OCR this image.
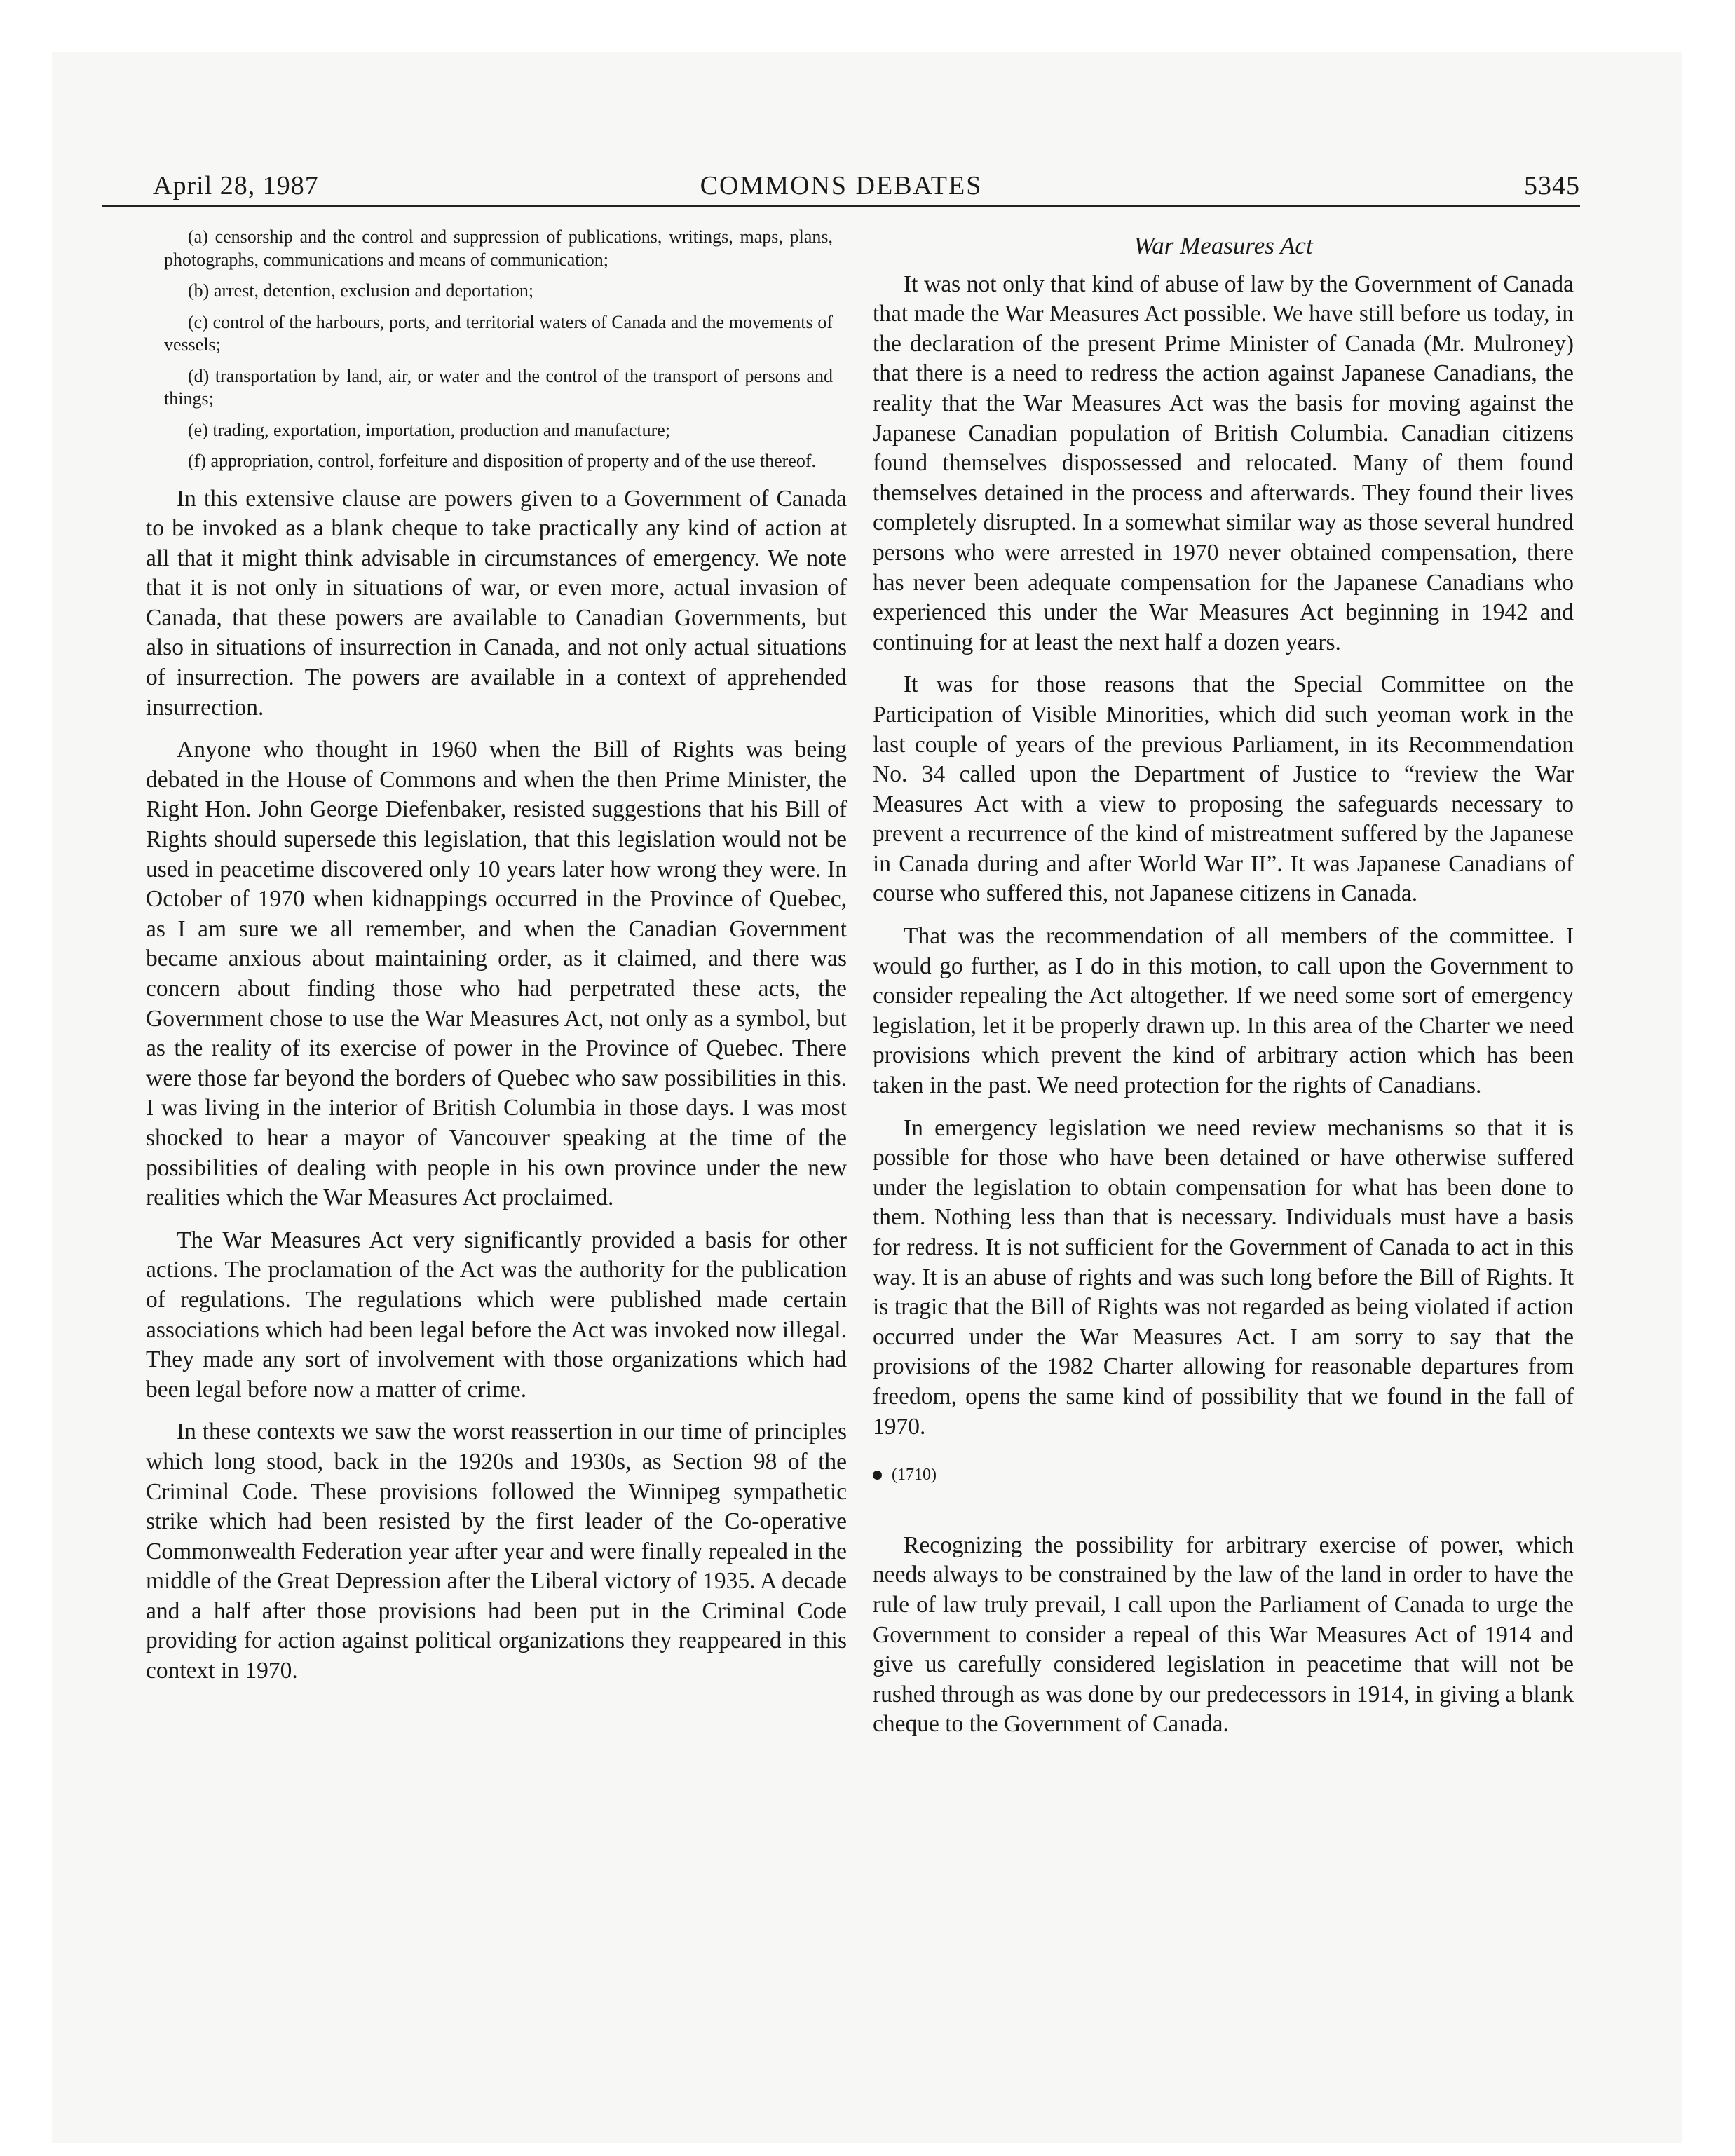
April 28, 1987	COMMONS DEBATES	5345
(a) censorship and the control and suppression of publications, writings, maps, plans, photographs, communications and means of communication;
(b) arrest, detention, exclusion and deportation;
(c) control of the harbours, ports, and territorial waters of Canada and the movements of vessels;
(d) transportation by land, air, or water and the control of the transport of persons and things;
(e) trading, exportation, importation, production and manufacture;
(f) appropriation, control, forfeiture and disposition of property and of the use thereof.

In this extensive clause are powers given to a Government of Canada to be invoked as a blank cheque to take practically any kind of action at all that it might think advisable in circumstances of emergency. We note that it is not only in situations of war, or even more, actual invasion of Canada, that these powers are available to Canadian Governments, but also in situations of insurrection in Canada, and not only actual situations of insurrection. The powers are available in a context of apprehended insurrection.

Anyone who thought in 1960 when the Bill of Rights was being debated in the House of Commons and when the then Prime Minister, the Right Hon. John George Diefenbaker, resisted suggestions that his Bill of Rights should supersede this legislation, that this legislation would not be used in peacetime discovered only 10 years later how wrong they were. In October of 1970 when kidnappings occurred in the Province of Quebec, as I am sure we all remember, and when the Canadian Government became anxious about maintaining order, as it claimed, and there was concern about finding those who had perpetrated these acts, the Government chose to use the War Measures Act, not only as a symbol, but as the reality of its exercise of power in the Province of Quebec. There were those far beyond the borders of Quebec who saw possibilities in this. I was living in the interior of British Columbia in those days. I was most shocked to hear a mayor of Vancouver speaking at the time of the possibilities of dealing with people in his own province under the new realities which the War Measures Act proclaimed.

The War Measures Act very significantly provided a basis for other actions. The proclamation of the Act was the authority for the publication of regulations. The regulations which were published made certain associations which had been legal before the Act was invoked now illegal. They made any sort of involvement with those organizations which had been legal before now a matter of crime.

In these contexts we saw the worst reassertion in our time of principles which long stood, back in the 1920s and 1930s, as Section 98 of the Criminal Code. These provisions followed the Winnipeg sympathetic strike which had been resisted by the first leader of the Co-operative Commonwealth Federation year after year and were finally repealed in the middle of the Great Depression after the Liberal victory of 1935. A decade and a half after those provisions had been put in the Criminal Code providing for action against political organizations they reappeared in this context in 1970.

War Measures Act

It was not only that kind of abuse of law by the Government of Canada that made the War Measures Act possible. We have still before us today, in the declaration of the present Prime Minister of Canada (Mr. Mulroney) that there is a need to redress the action against Japanese Canadians, the reality that the War Measures Act was the basis for moving against the Japanese Canadian population of British Columbia. Canadian citizens found themselves dispossessed and relocated. Many of them found themselves detained in the process and afterwards. They found their lives completely disrupted. In a somewhat similar way as those several hundred persons who were arrested in 1970 never obtained compensation, there has never been adequate compensation for the Japanese Canadians who experienced this under the War Measures Act beginning in 1942 and continuing for at least the next half a dozen years.

It was for those reasons that the Special Committee on the Participation of Visible Minorities, which did such yeoman work in the last couple of years of the previous Parliament, in its Recommendation No. 34 called upon the Department of Justice to “review the War Measures Act with a view to proposing the safeguards necessary to prevent a recurrence of the kind of mistreatment suffered by the Japanese in Canada during and after World War II”. It was Japanese Canadians of course who suffered this, not Japanese citizens in Canada.

That was the recommendation of all members of the committee. I would go further, as I do in this motion, to call upon the Government to consider repealing the Act altogether. If we need some sort of emergency legislation, let it be properly drawn up. In this area of the Charter we need provisions which prevent the kind of arbitrary action which has been taken in the past. We need protection for the rights of Canadians.

In emergency legislation we need review mechanisms so that it is possible for those who have been detained or have otherwise suffered under the legislation to obtain compensation for what has been done to them. Nothing less than that is necessary. Individuals must have a basis for redress. It is not sufficient for the Government of Canada to act in this way. It is an abuse of rights and was such long before the Bill of Rights. It is tragic that the Bill of Rights was not regarded as being violated if action occurred under the War Measures Act. I am sorry to say that the provisions of the 1982 Charter allowing for reasonable departures from freedom, opens the same kind of possibility that we found in the fall of 1970.

(1710)

Recognizing the possibility for arbitrary exercise of power, which needs always to be constrained by the law of the land in order to have the rule of law truly prevail, I call upon the Parliament of Canada to urge the Government to consider a repeal of this War Measures Act of 1914 and give us carefully considered legislation in peacetime that will not be rushed through as was done by our predecessors in 1914, in giving a blank cheque to the Government of Canada.
